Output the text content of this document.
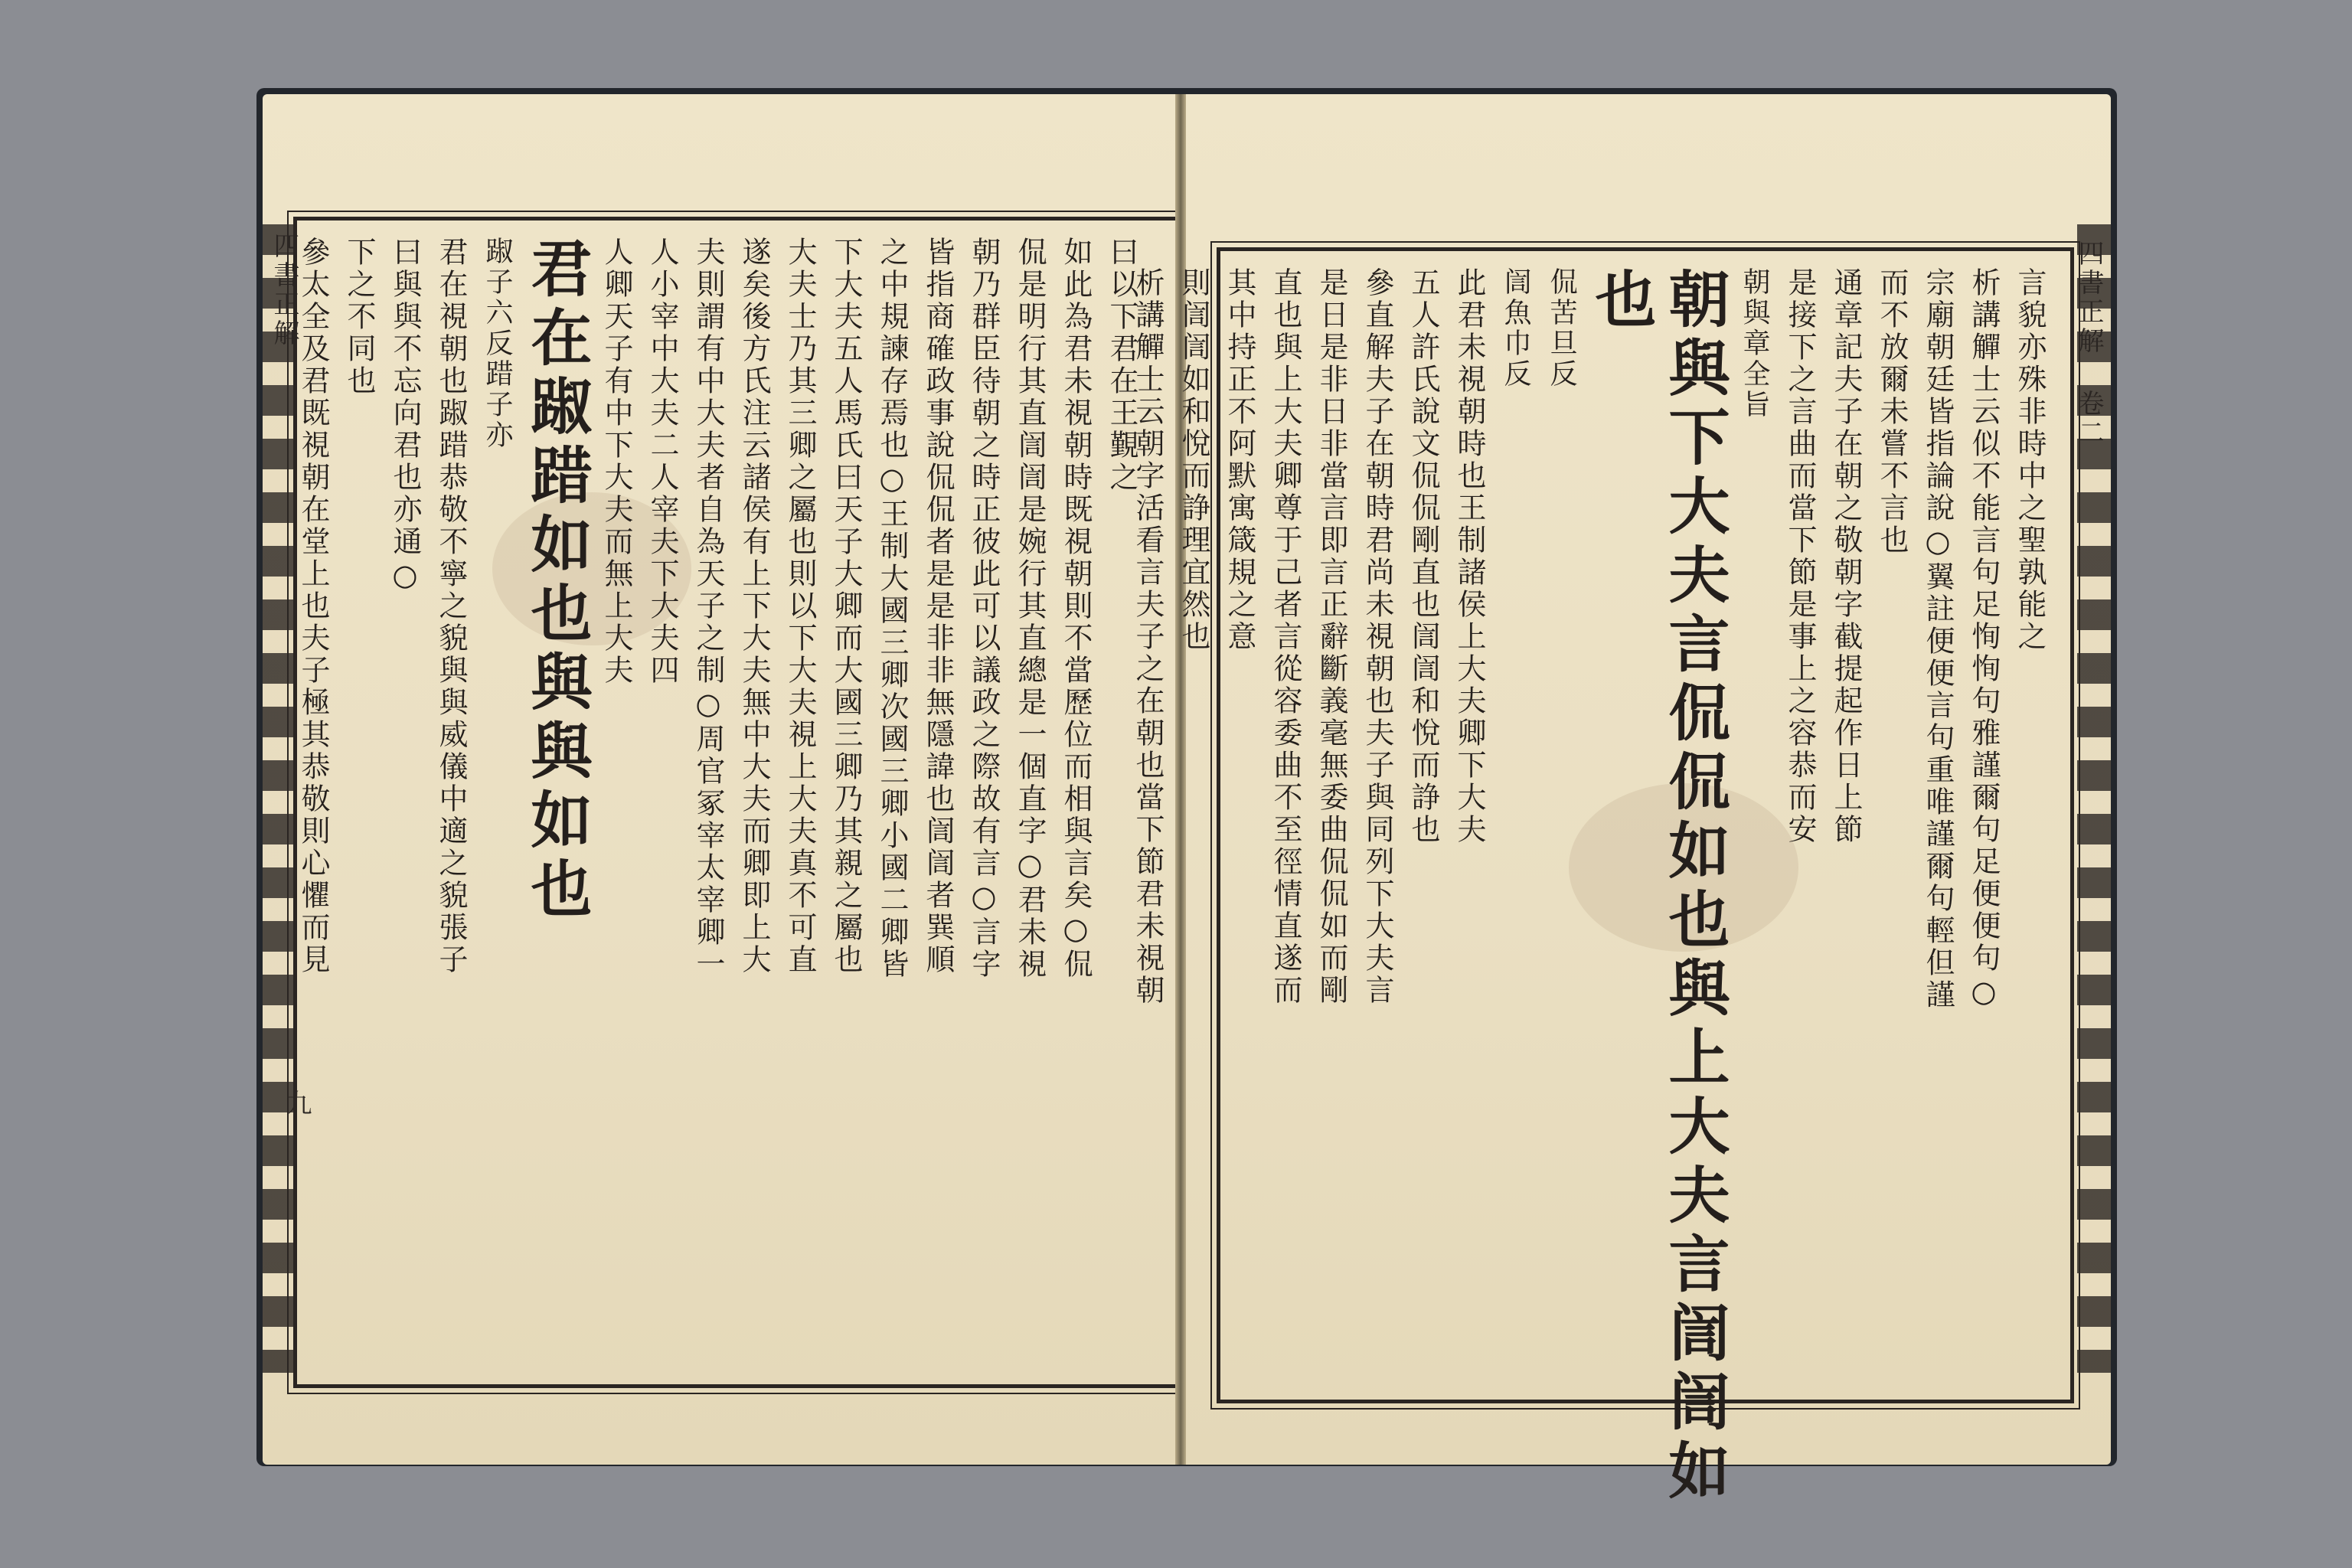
四書正解	曰以下君在王覲之
如此為君未視朝時既視朝則不當歷位而相與言矣○侃
侃是明行其直訚訚是婉行其直總是一個直字○君未視
朝乃群臣待朝之時正彼此可以議政之際故有言○言字
皆指商確政事說侃侃者是是非非無隱諱也訚訚者巽順
之中規諫存焉也○王制大國三卿次國三卿小國二卿皆
下大夫五人馬氏曰天子大卿而大國三卿乃其親之屬也
大夫士乃其三卿之屬也則以下大夫視上大夫真不可直
遂矣後方氏注云諸侯有上下大夫無中大夫而卿即上大
夫則謂有中大夫者自為天子之制○周官冢宰太宰卿一
人小宰中大夫二人宰夫下大夫四
人卿天子有中下大夫而無上大夫
君在踧踖如也與與如也
踧子六反踖子亦
君在視朝也踧踖恭敬不寧之貌與與威儀中適之貌張子
曰與與不忘向君也亦通○
下之不同也
參太全及君既視朝在堂上也夫子極其恭敬則心懼而見
九
四書正解 卷二
言貌亦殊非時中之聖孰能之
析講觶士云似不能言句足恂恂句雅謹爾句足便便句○
宗廟朝廷皆指論說○翼註便便言句重唯謹爾句輕但謹
而不放爾未嘗不言也
通章記夫子在朝之敬朝字截提起作日上節
是接下之言曲而當下節是事上之容恭而安
朝與章全旨
朝與下大夫言侃侃如也與上大夫言訚訚如
也
侃苦旦反
訚魚巾反
此君未視朝時也王制諸侯上大夫卿下大夫
五人許氏說文侃侃剛直也訚訚和悅而諍也
參直解夫子在朝時君尚未視朝也夫子與同列下大夫言
是日是非日非當言即言正辭斷義毫無委曲侃侃如而剛
直也與上大夫卿尊于己者言從容委曲不至徑情直遂而
其中持正不阿默寓箴規之意
則訚訚如和悅而諍理宜然也
析講觶士云朝字活看言夫子之在朝也當下節君未視朝
